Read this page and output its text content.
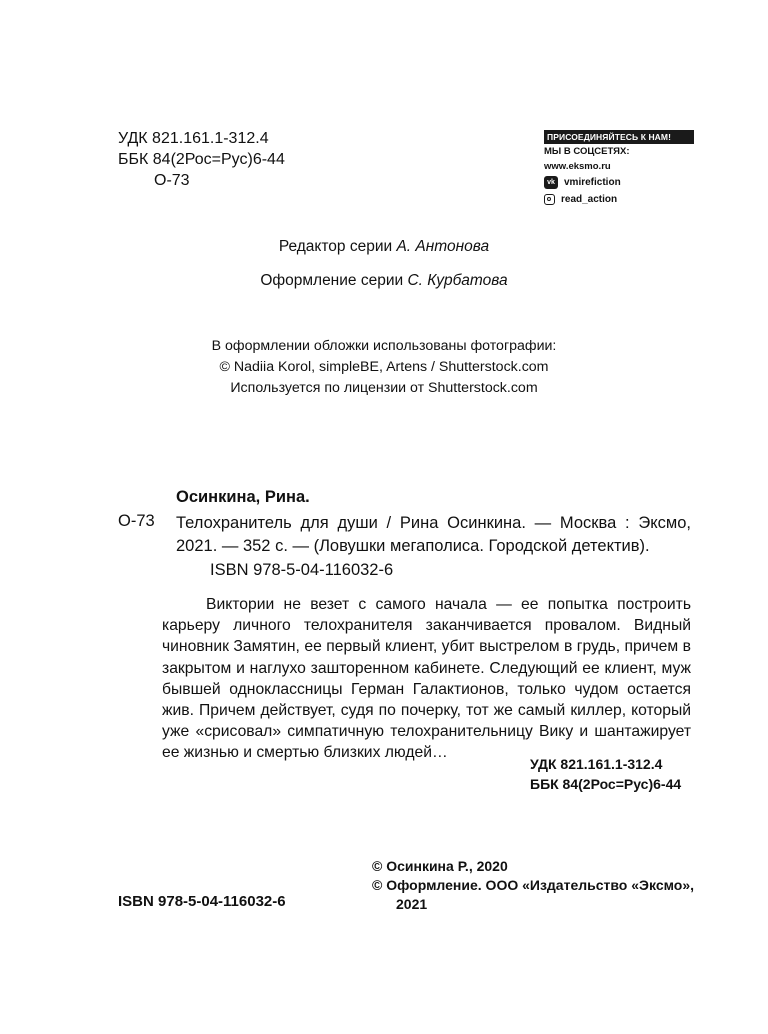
УДК 821.161.1-312.4
ББК 84(2Рос=Рус)6-44
О-73
ПРИСОЕДИНЯЙТЕСЬ К НАМ!
МЫ В СОЦСЕТЯХ:
www.eksmo.ru
vk vmirefiction
read_action
Редактор серии А. Антонова
Оформление серии С. Курбатова
В оформлении обложки использованы фотографии:
© Nadiia Korol, simpleBE, Artens / Shutterstock.com
Используется по лицензии от Shutterstock.com
Осинкина, Рина.
О-73 Телохранитель для души / Рина Осинкина. — Москва : Эксмо, 2021. — 352 с. — (Ловушки мегаполиса. Городской детектив).
ISBN 978-5-04-116032-6
Виктории не везет с самого начала — ее попытка построить карьеру личного телохранителя заканчивается провалом. Видный чиновник Замятин, ее первый клиент, убит выстрелом в грудь, причем в закрытом и наглухо зашторенном кабинете. Следующий ее клиент, муж бывшей одноклассницы Герман Галактионов, только чудом остается жив. Причем действует, судя по почерку, тот же самый киллер, который уже «срисовал» симпатичную телохранительницу Вику и шантажирует ее жизнью и смертью близких людей…
УДК 821.161.1-312.4
ББК 84(2Рос=Рус)6-44
ISBN 978-5-04-116032-6
© Осинкина Р., 2020
© Оформление. ООО «Издательство «Эксмо»,
2021
